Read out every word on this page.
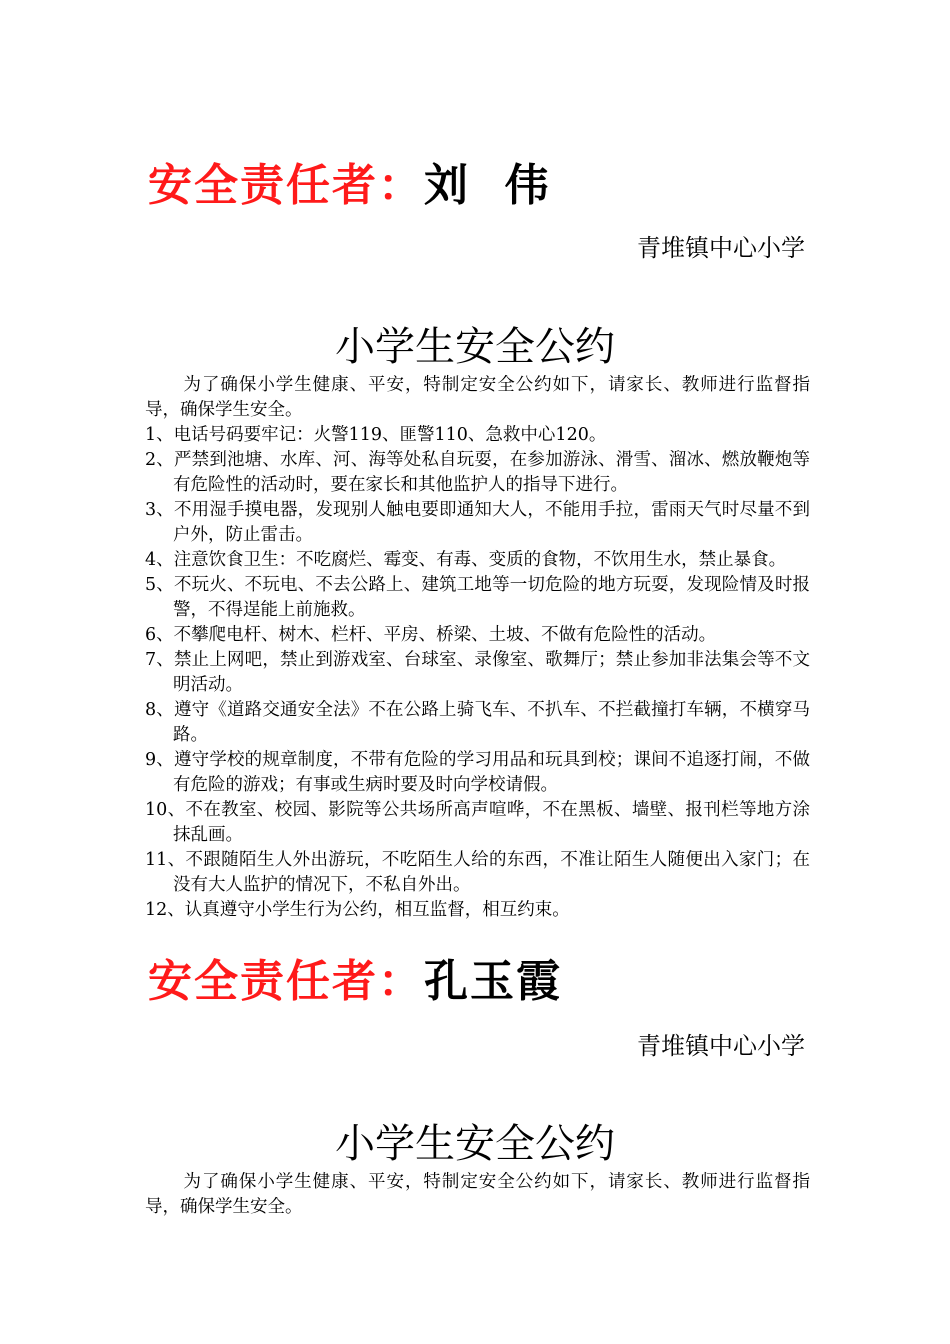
安全责任者：刘  伟
青堆镇中心小学
小学生安全公约

为了确保小学生健康、平安，特制定安全公约如下，请家长、教师进行监督指导，确保学生安全。

1、电话号码要牢记：火警119、匪警110、急救中心120。
2、严禁到池塘、水库、河、海等处私自玩耍，在参加游泳、滑雪、溜冰、燃放鞭炮等有危险性的活动时，要在家长和其他监护人的指导下进行。
3、不用湿手摸电器，发现别人触电要即通知大人，不能用手拉，雷雨天气时尽量不到户外，防止雷击。
4、注意饮食卫生：不吃腐烂、霉变、有毒、变质的食物，不饮用生水，禁止暴食。
5、不玩火、不玩电、不去公路上、建筑工地等一切危险的地方玩耍，发现险情及时报警，不得逞能上前施救。
6、不攀爬电杆、树木、栏杆、平房、桥梁、土坡、不做有危险性的活动。
7、禁止上网吧，禁止到游戏室、台球室、录像室、歌舞厅；禁止参加非法集会等不文明活动。
8、遵守《道路交通安全法》不在公路上骑飞车、不扒车、不拦截撞打车辆，不横穿马路。
9、遵守学校的规章制度，不带有危险的学习用品和玩具到校；课间不追逐打闹，不做有危险的游戏；有事或生病时要及时向学校请假。
10、不在教室、校园、影院等公共场所高声喧哗，不在黑板、墙壁、报刊栏等地方涂抹乱画。
11、不跟随陌生人外出游玩，不吃陌生人给的东西，不准让陌生人随便出入家门；在没有大人监护的情况下，不私自外出。
12、认真遵守小学生行为公约，相互监督，相互约束。
安全责任者：孔玉霞
青堆镇中心小学
小学生安全公约

为了确保小学生健康、平安，特制定安全公约如下，请家长、教师进行监督指导，确保学生安全。
